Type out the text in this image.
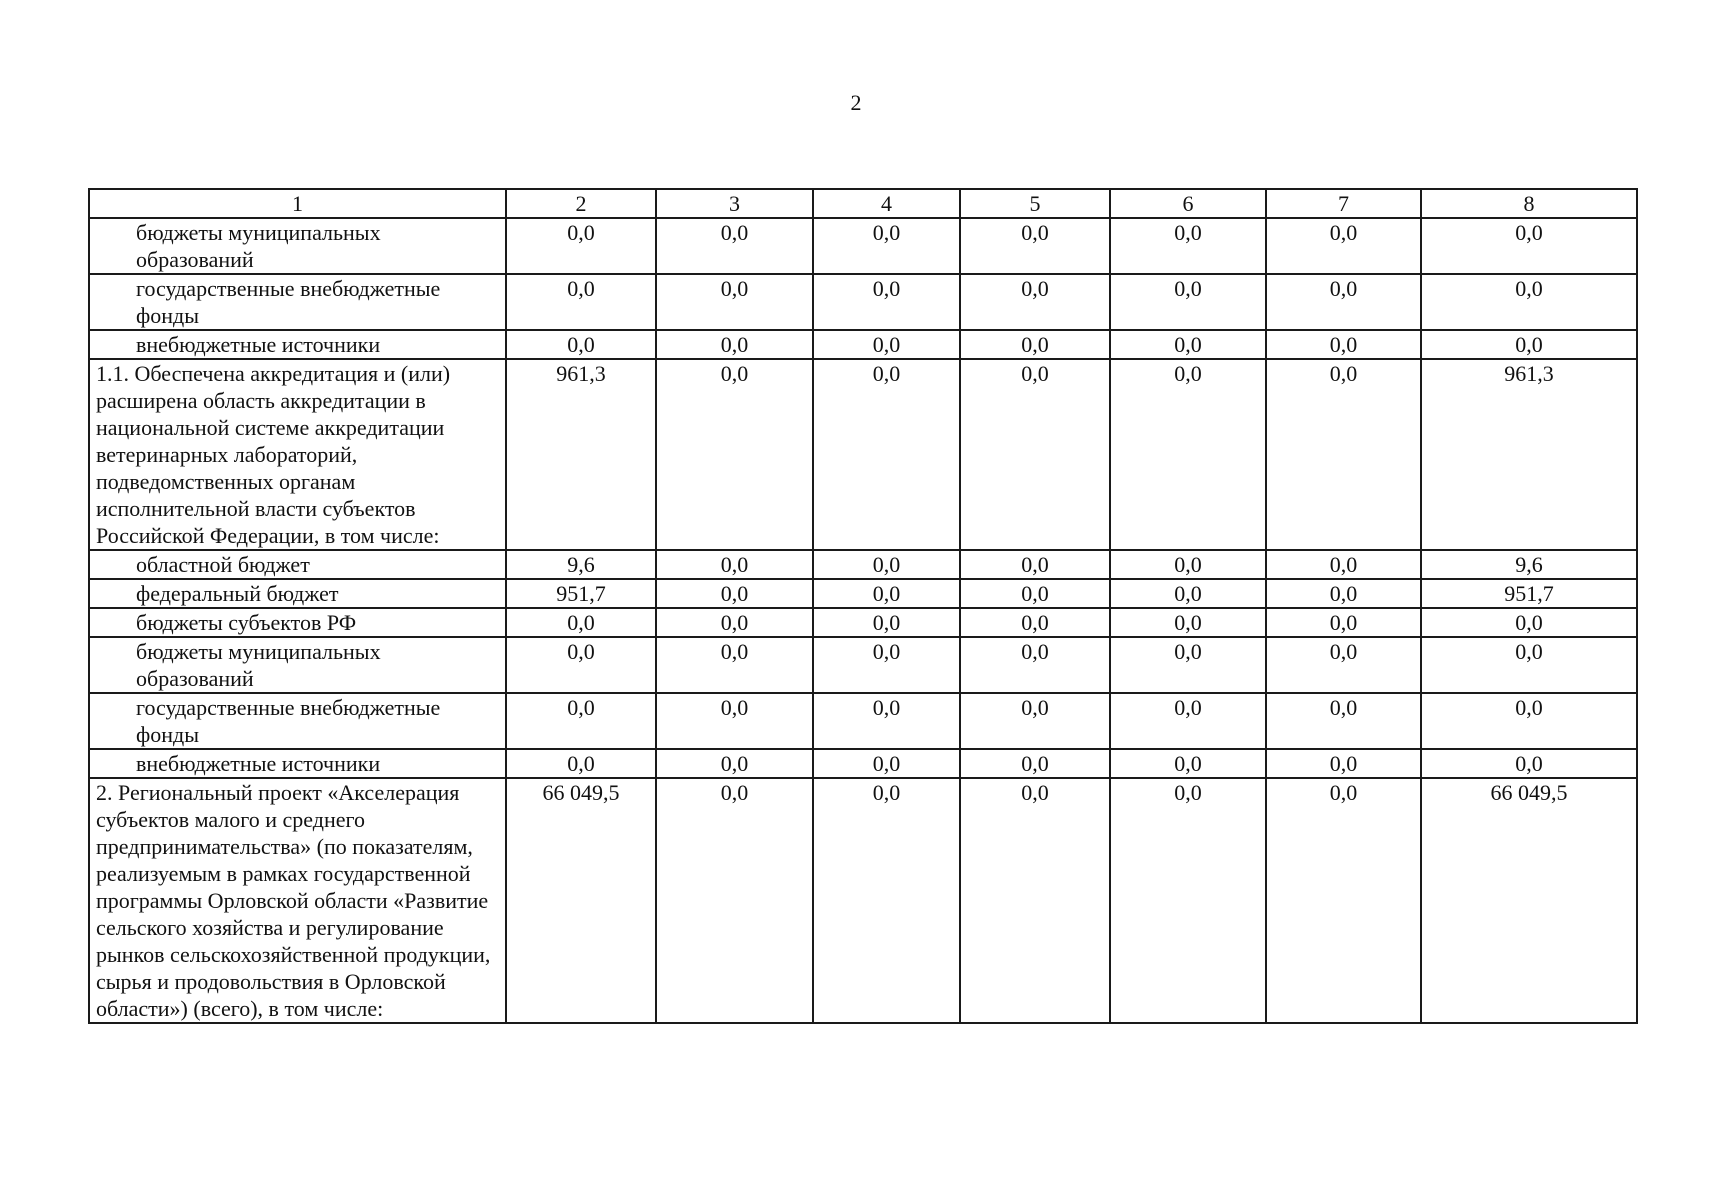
2
1	2	3	4	5	6	7	8

бюджеты муниципальных образований	0,0	0,0	0,0	0,0	0,0	0,0	0,0

государственные внебюджетные фонды	0,0	0,0	0,0	0,0	0,0	0,0	0,0

внебюджетные источники	0,0	0,0	0,0	0,0	0,0	0,0	0,0

1.1. Обеспечена аккредитация и (или) расширена область аккредитации в национальной системе аккредитации ветеринарных лабораторий, подведомственных органам исполнительной власти субъектов Российской Федерации, в том числе:	961,3	0,0	0,0	0,0	0,0	0,0	961,3

областной бюджет	9,6	0,0	0,0	0,0	0,0	0,0	9,6

федеральный бюджет	951,7	0,0	0,0	0,0	0,0	0,0	951,7

бюджеты субъектов РФ	0,0	0,0	0,0	0,0	0,0	0,0	0,0

бюджеты муниципальных образований	0,0	0,0	0,0	0,0	0,0	0,0	0,0

государственные внебюджетные фонды	0,0	0,0	0,0	0,0	0,0	0,0	0,0

внебюджетные источники	0,0	0,0	0,0	0,0	0,0	0,0	0,0

2. Региональный проект «Акселерация субъектов малого и среднего предпринимательства» (по показателям, реализуемым в рамках государственной программы Орловской области «Развитие сельского хозяйства и регулирование рынков сельскохозяйственной продукции, сырья и продовольствия в Орловской области») (всего), в том числе:	66 049,5	0,0	0,0	0,0	0,0	0,0	66 049,5
